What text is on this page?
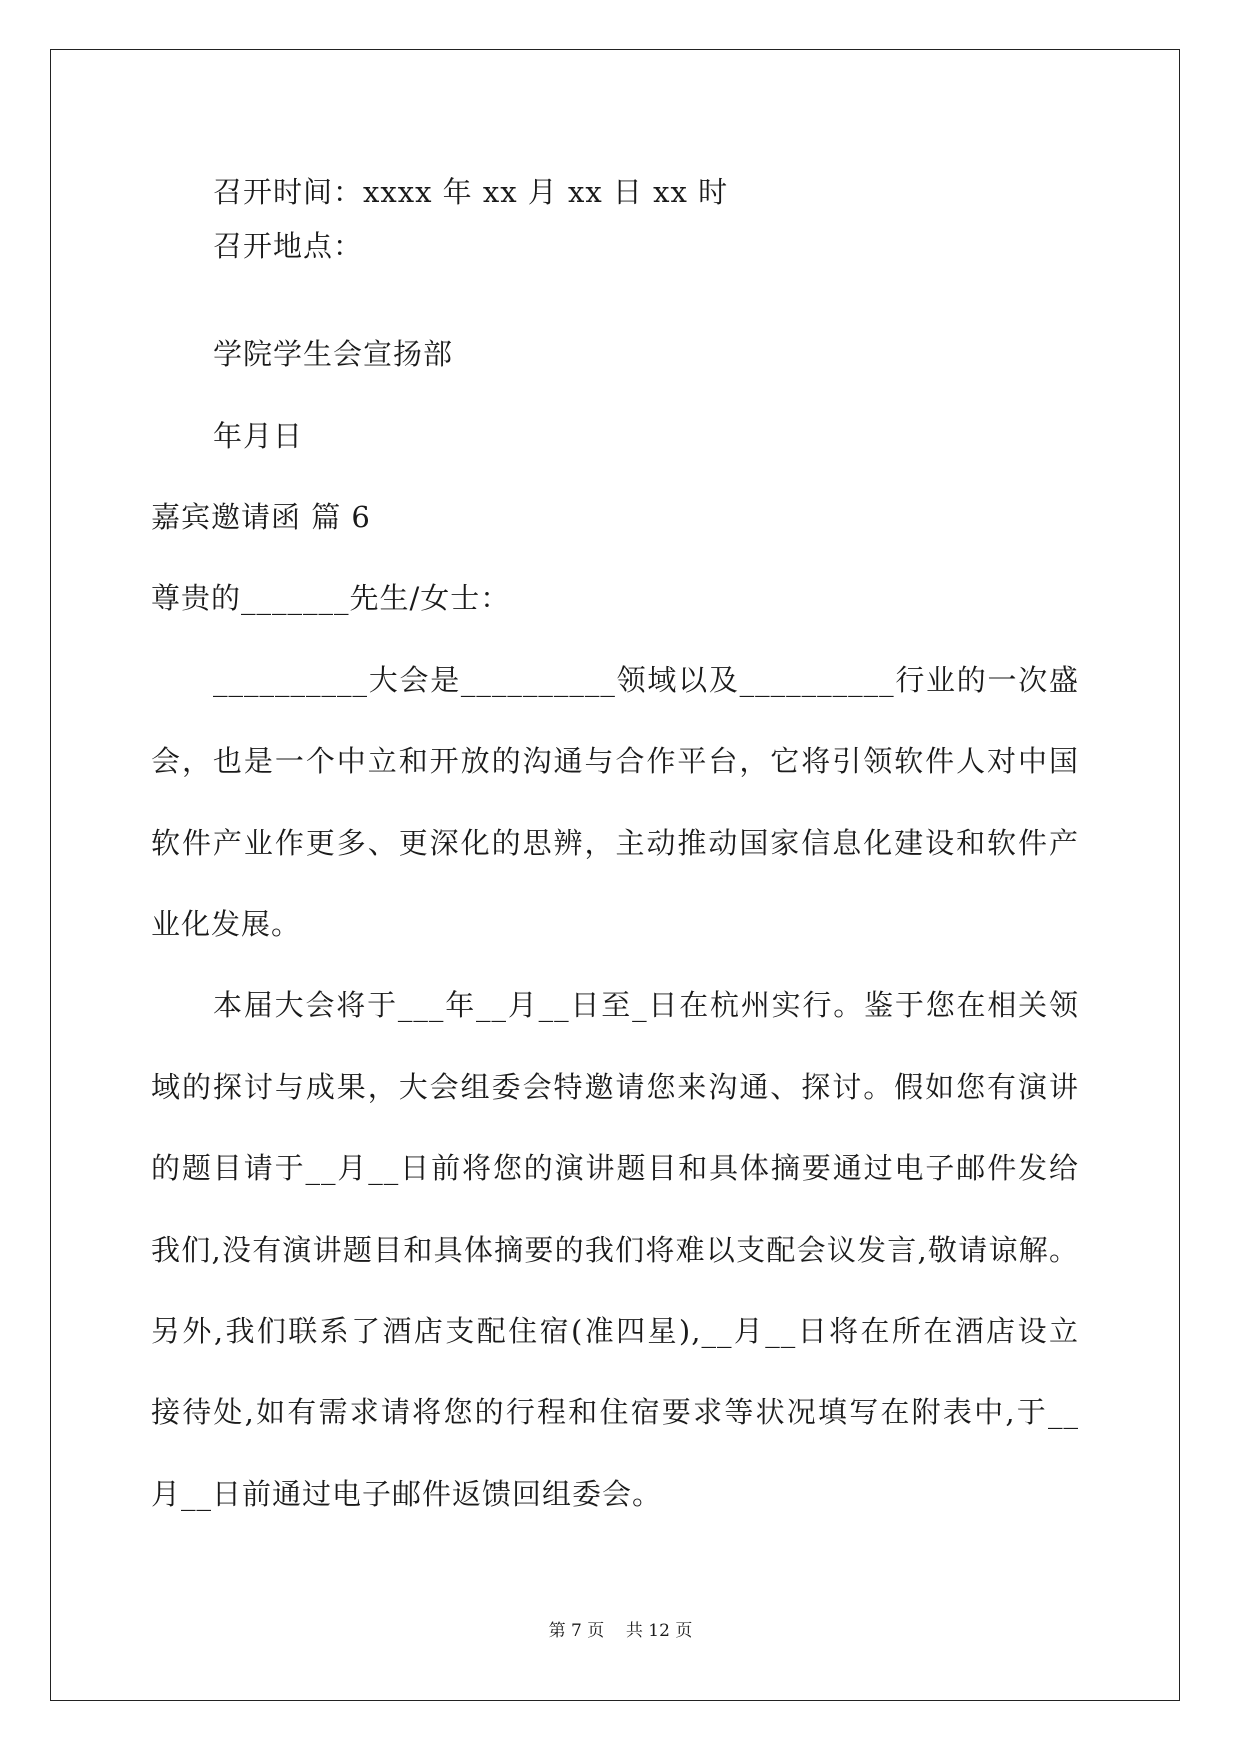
召开时间：xxxx 年 xx 月 xx 日 xx 时
召开地点：
学院学生会宣扬部
年月日
嘉宾邀请函 篇 6
尊贵的_______先生/女士：
__________大会是__________领域以及__________行业的一次盛
会，也是一个中立和开放的沟通与合作平台，它将引领软件人对中国
软件产业作更多、更深化的思辨，主动推动国家信息化建设和软件产
业化发展。
本届大会将于___年__月__日至_日在杭州实行。鉴于您在相关领
域的探讨与成果，大会组委会特邀请您来沟通、探讨。假如您有演讲
的题目请于__月__日前将您的演讲题目和具体摘要通过电子邮件发给
我们,没有演讲题目和具体摘要的我们将难以支配会议发言,敬请谅解。
另外,我们联系了酒店支配住宿(准四星),__月__日将在所在酒店设立
接待处,如有需求请将您的行程和住宿要求等状况填写在附表中,于__
月__日前通过电子邮件返馈回组委会。
第 7 页    共 12 页
